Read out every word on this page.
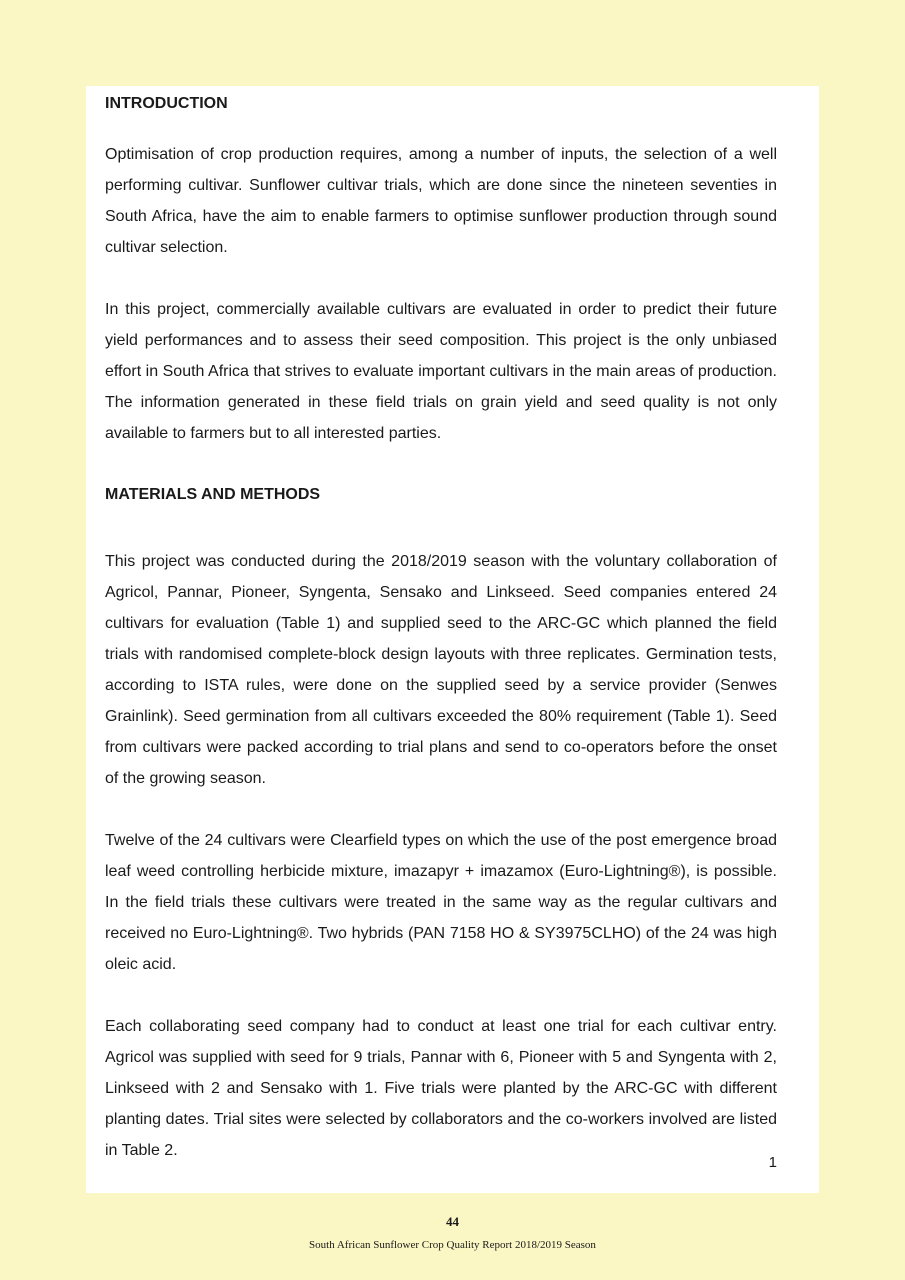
INTRODUCTION

Optimisation of crop production requires, among a number of inputs, the selection of a well performing cultivar. Sunflower cultivar trials, which are done since the nineteen seventies in South Africa, have the aim to enable farmers to optimise sunflower production through sound cultivar selection.

In this project, commercially available cultivars are evaluated in order to predict their future yield performances and to assess their seed composition. This project is the only unbiased effort in South Africa that strives to evaluate important cultivars in the main areas of production. The information generated in these field trials on grain yield and seed quality is not only available to farmers but to all interested parties.

MATERIALS AND METHODS

This project was conducted during the 2018/2019 season with the voluntary collaboration of Agricol, Pannar, Pioneer, Syngenta, Sensako and Linkseed. Seed companies entered 24 cultivars for evaluation (Table 1) and supplied seed to the ARC-GC which planned the field trials with randomised complete-block design layouts with three replicates. Germination tests, according to ISTA rules, were done on the supplied seed by a service provider (Senwes Grainlink). Seed germination from all cultivars exceeded the 80% requirement (Table 1). Seed from cultivars were packed according to trial plans and send to co-operators before the onset of the growing season.

Twelve of the 24 cultivars were Clearfield types on which the use of the post emergence broad leaf weed controlling herbicide mixture, imazapyr + imazamox (Euro-Lightning®), is possible. In the field trials these cultivars were treated in the same way as the regular cultivars and received no Euro-Lightning®. Two hybrids (PAN 7158 HO & SY3975CLHO) of the 24 was high oleic acid.

Each collaborating seed company had to conduct at least one trial for each cultivar entry. Agricol was supplied with seed for 9 trials, Pannar with 6, Pioneer with 5 and Syngenta with 2, Linkseed with 2 and Sensako with 1. Five trials were planted by the ARC-GC with different planting dates. Trial sites were selected by collaborators and the co-workers involved are listed in Table 2.

1
44
South African Sunflower Crop Quality Report 2018/2019 Season
